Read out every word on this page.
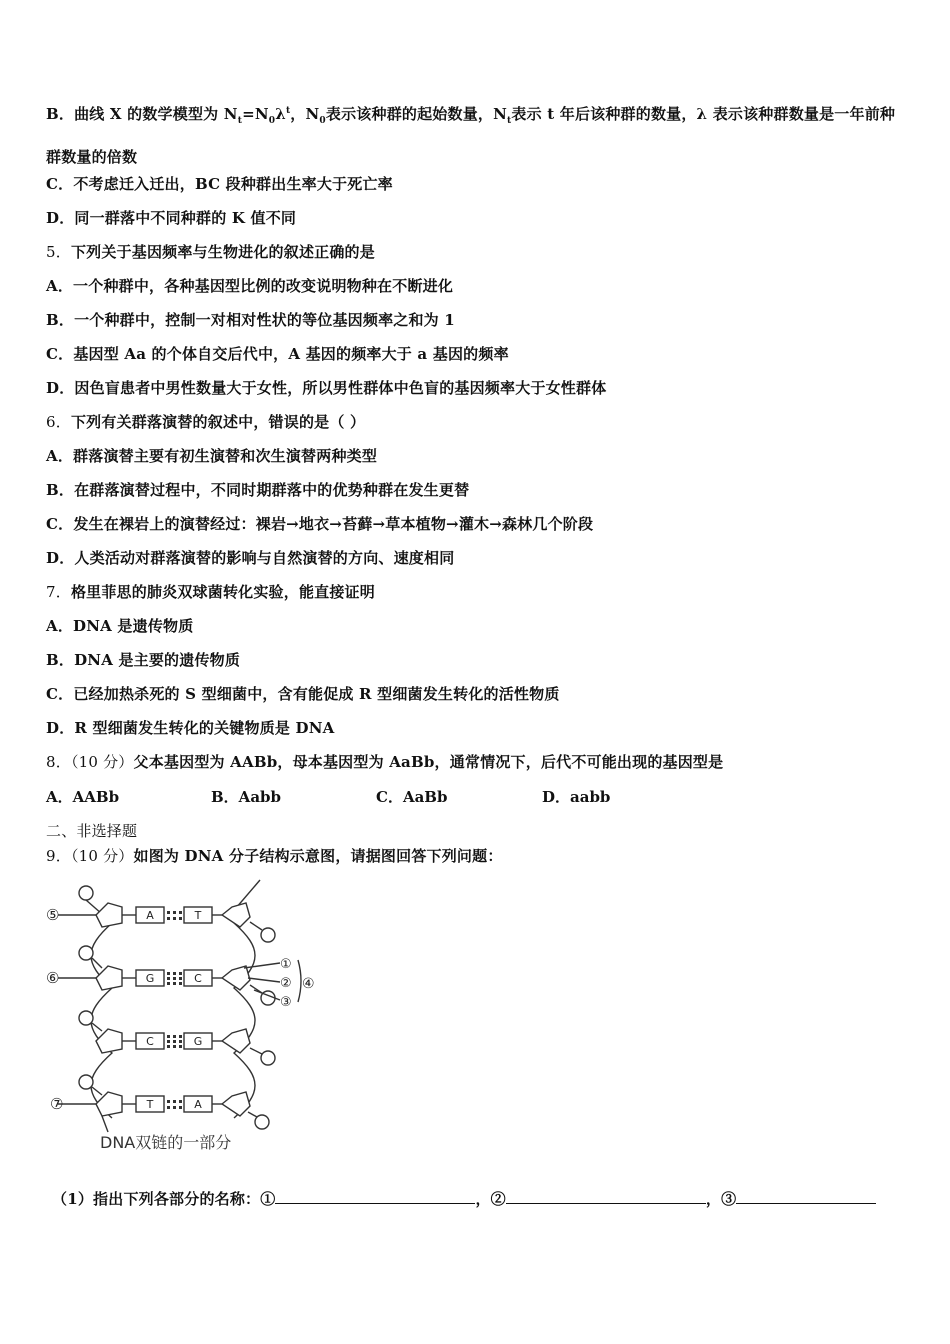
B．曲线 X 的数学模型为 $N_t=N_0\lambda^t$，$N_0$表示该种群的起始数量，$N_t$表示 t 年后该种群的数量，λ 表示该种群数量是一年前种群数量的倍数
C．不考虑迁入迁出，BC 段种群出生率大于死亡率
D．同一群落中不同种群的 K 值不同
5．下列关于基因频率与生物进化的叙述正确的是
A．一个种群中，各种基因型比例的改变说明物种在不断进化
B．一个种群中，控制一对相对性状的等位基因频率之和为 1
C．基因型 Aa 的个体自交后代中，A 基因的频率大于 a 基因的频率
D．因色盲患者中男性数量大于女性，所以男性群体中色盲的基因频率大于女性群体
6．下列有关群落演替的叙述中，错误的是（ ）
A．群落演替主要有初生演替和次生演替两种类型
B．在群落演替过程中，不同时期群落中的优势种群在发生更替
C．发生在裸岩上的演替经过：裸岩→地衣→苔藓→草本植物→灌木→森林几个阶段
D．人类活动对群落演替的影响与自然演替的方向、速度相同
7．格里菲思的肺炎双球菌转化实验，能直接证明
A．DNA 是遗传物质
B．DNA 是主要的遗传物质
C．已经加热杀死的 S 型细菌中，含有能促成 R 型细菌发生转化的活性物质
D．R 型细菌发生转化的关键物质是 DNA
8．（10 分）父本基因型为 AABb，母本基因型为 AaBb，通常情况下，后代不可能出现的基因型是
A．AABb	B．Aabb	C．AaBb	D．aabb
二、非选择题
9．（10 分）如图为 DNA 分子结构示意图，请据图回答下列问题：
A	T
G	C
C	G
T	A
⑤
⑥
⑦
①
②
③
④
DNA双链的一部分
（1）指出下列各部分的名称：①	，②	，③
